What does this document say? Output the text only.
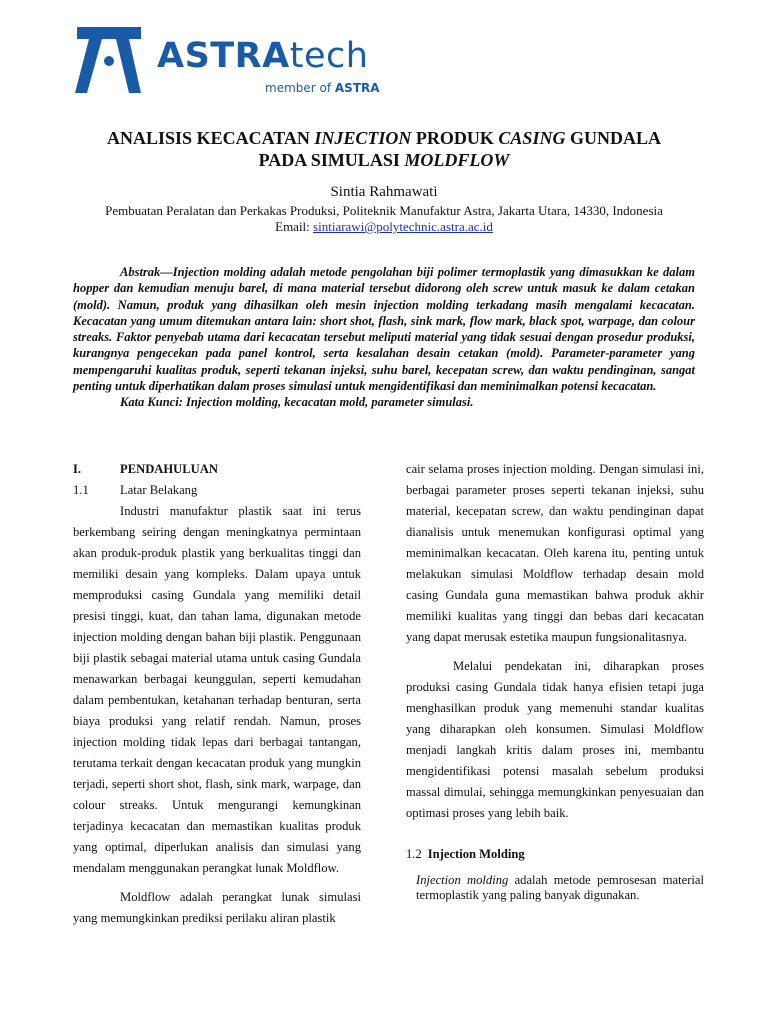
ASTRAtech
member of ASTRA
ANALISIS KECACATAN INJECTION PRODUK CASING GUNDALA
PADA SIMULASI MOLDFLOW
Sintia Rahmawati
Pembuatan Peralatan dan Perkakas Produksi, Politeknik Manufaktur Astra, Jakarta Utara, 14330, Indonesia
Email: sintiarawi@polytechnic.astra.ac.id

Abstrak—Injection molding adalah metode pengolahan biji polimer termoplastik yang dimasukkan ke dalam hopper dan kemudian menuju barel, di mana material tersebut didorong oleh screw untuk masuk ke dalam cetakan (mold). Namun, produk yang dihasilkan oleh mesin injection molding terkadang masih mengalami kecacatan. Kecacatan yang umum ditemukan antara lain: short shot, flash, sink mark, flow mark, black spot, warpage, dan colour streaks. Faktor penyebab utama dari kecacatan tersebut meliputi material yang tidak sesuai dengan prosedur produksi, kurangnya pengecekan pada panel kontrol, serta kesalahan desain cetakan (mold). Parameter-parameter yang mempengaruhi kualitas produk, seperti tekanan injeksi, suhu barel, kecepatan screw, dan waktu pendinginan, sangat penting untuk diperhatikan dalam proses simulasi untuk mengidentifikasi dan meminimalkan potensi kecacatan.

Kata Kunci: Injection molding, kecacatan mold, parameter simulasi.

I.	PENDAHULUAN
1.1	Latar Belakang

Industri manufaktur plastik saat ini terus berkembang seiring dengan meningkatnya permintaan akan produk-produk plastik yang berkualitas tinggi dan memiliki desain yang kompleks. Dalam upaya untuk memproduksi casing Gundala yang memiliki detail presisi tinggi, kuat, dan tahan lama, digunakan metode injection molding dengan bahan biji plastik. Penggunaan biji plastik sebagai material utama untuk casing Gundala menawarkan berbagai keunggulan, seperti kemudahan dalam pembentukan, ketahanan terhadap benturan, serta biaya produksi yang relatif rendah. Namun, proses injection molding tidak lepas dari berbagai tantangan, terutama terkait dengan kecacatan produk yang mungkin terjadi, seperti short shot, flash, sink mark, warpage, dan colour streaks. Untuk mengurangi kemungkinan terjadinya kecacatan dan memastikan kualitas produk yang optimal, diperlukan analisis dan simulasi yang mendalam menggunakan perangkat lunak Moldflow.

Moldflow adalah perangkat lunak simulasi yang memungkinkan prediksi perilaku aliran plastik

cair selama proses injection molding. Dengan simulasi ini, berbagai parameter proses seperti tekanan injeksi, suhu material, kecepatan screw, dan waktu pendinginan dapat dianalisis untuk menemukan konfigurasi optimal yang meminimalkan kecacatan. Oleh karena itu, penting untuk melakukan simulasi Moldflow terhadap desain mold casing Gundala guna memastikan bahwa produk akhir memiliki kualitas yang tinggi dan bebas dari kecacatan yang dapat merusak estetika maupun fungsionalitasnya.

Melalui pendekatan ini, diharapkan proses produksi casing Gundala tidak hanya efisien tetapi juga menghasilkan produk yang memenuhi standar kualitas yang diharapkan oleh konsumen. Simulasi Moldflow menjadi langkah kritis dalam proses ini, membantu mengidentifikasi potensi masalah sebelum produksi massal dimulai, sehingga memungkinkan penyesuaian dan optimasi proses yang lebih baik.

1.2 Injection Molding

Injection molding adalah metode pemrosesan material termoplastik yang paling banyak digunakan.
